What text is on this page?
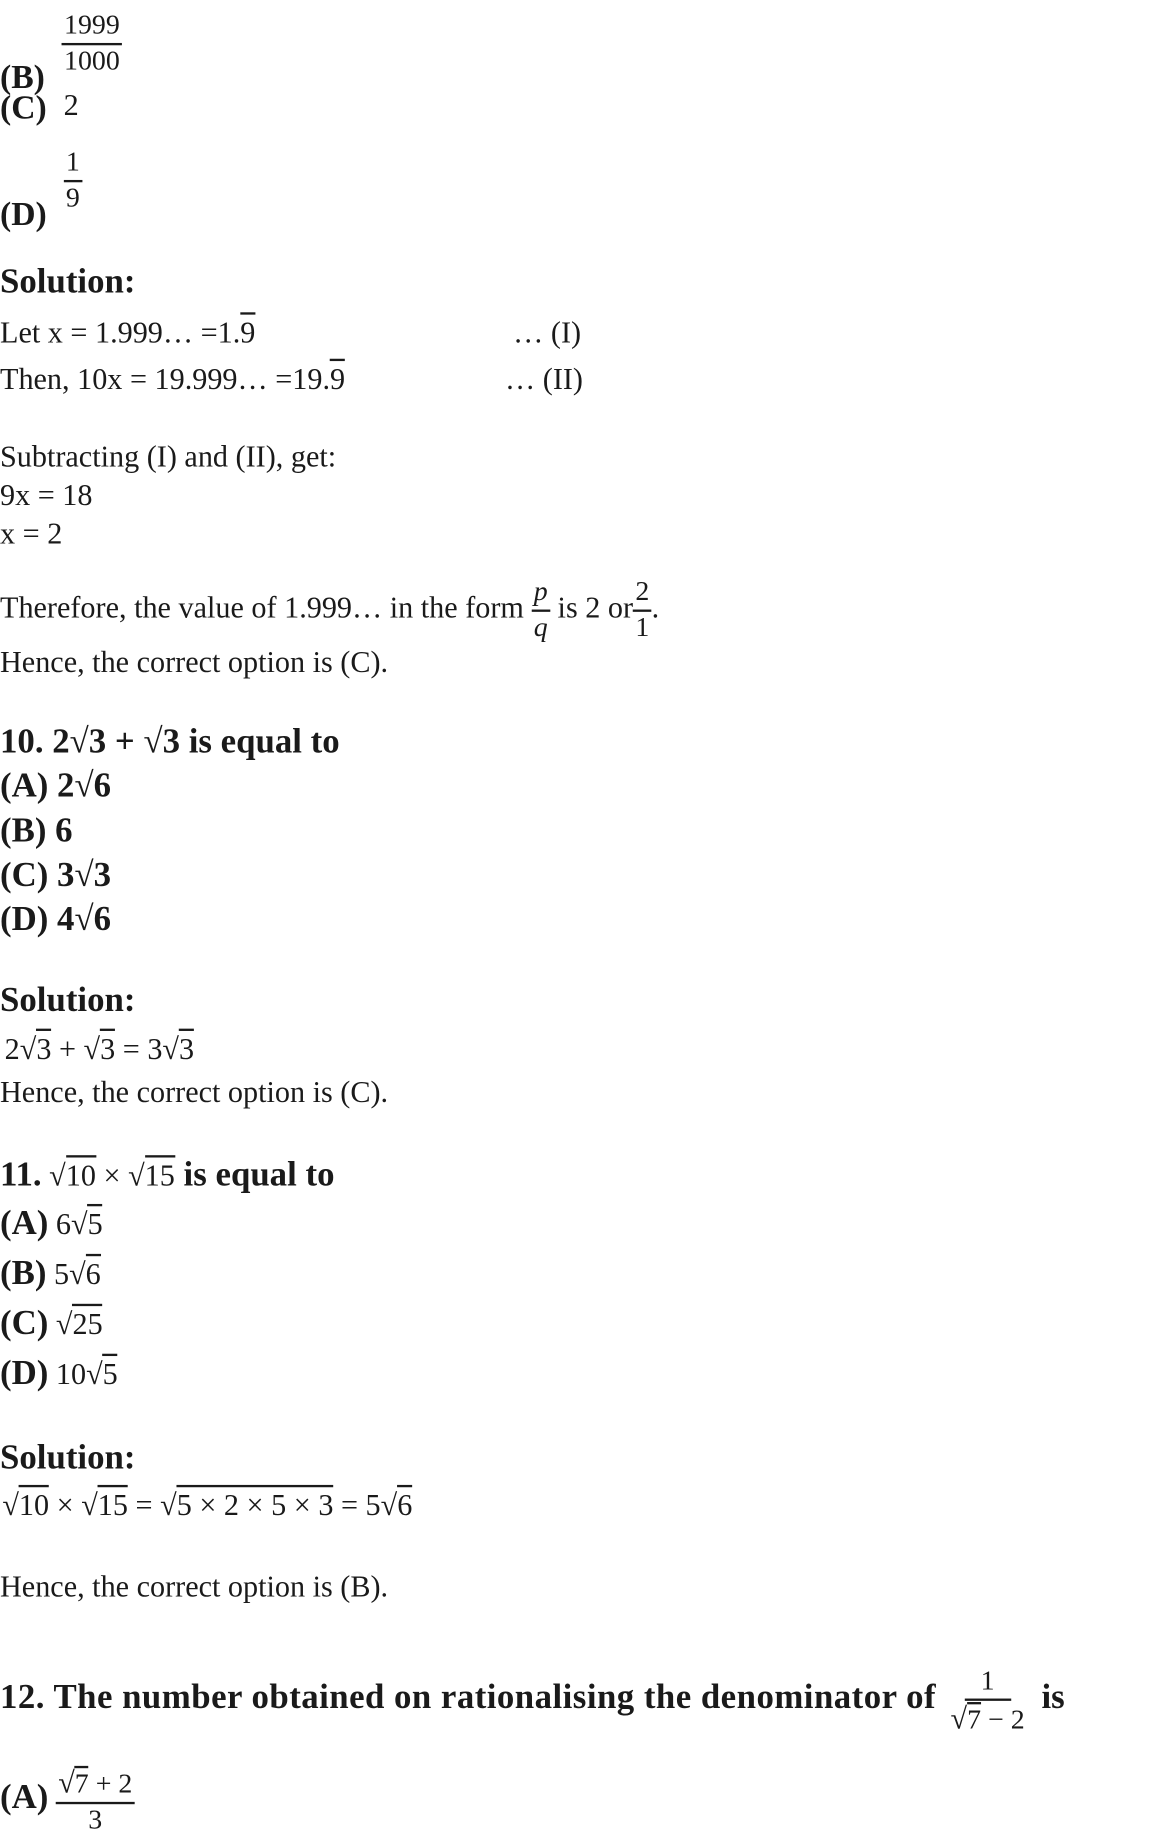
$(B) \frac{1999}{1000}$
(C) 2
$(D) \frac{1}{9}$
Solution:
Let x = 1.999… =1.9	… (I)
Then, 10x = 19.999… =19.9	… (II)
Subtracting (I) and (II), get:
9x = 18
x = 2
Therefore, the value of 1.999… in the form $\frac{p}{q}$ is 2 or $\frac{2}{1}$ .
Hence, the correct option is (C).
10. 2√3 + √3 is equal to
(A) 2√6
(B) 6
(C) 3√3
(D) 4√6
Solution:
2√3 + √3 = 3√3
Hence, the correct option is (C).
11. √10 × √15 is equal to
(A) 6√5
(B) 5√6
(C) √25
(D) 10√5
Solution:
√10 × √15 = √5 × 2 × 5 × 3 = 5√6
Hence, the correct option is (B).
12. The number obtained on rationalising the denominator of $\frac{1}{√7 - 2}$ is
$(A) \frac{√7 + 2}{3}$
